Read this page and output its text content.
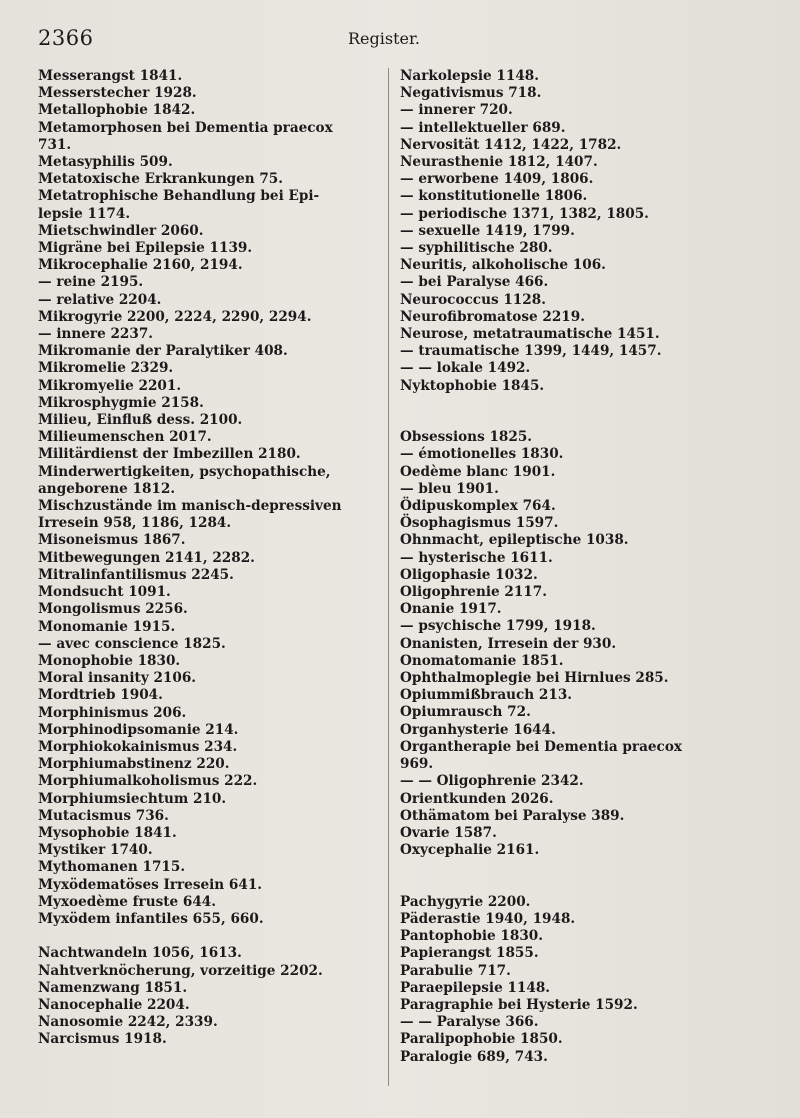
2366	Register.
Messerangst 1841.
Messerstecher 1928.
Metallophobie 1842.
Metamorphosen bei Dementia praecox
731.
Metasyphilis 509.
Metatoxische Erkrankungen 75.
Metatrophische Behandlung bei Epi-
lepsie 1174.
Mietschwindler 2060.
Migräne bei Epilepsie 1139.
Mikrocephalie 2160, 2194.
— reine 2195.
— relative 2204.
Mikrogyrie 2200, 2224, 2290, 2294.
— innere 2237.
Mikromanie der Paralytiker 408.
Mikromelie 2329.
Mikromyelie 2201.
Mikrosphygmie 2158.
Milieu, Einfluß dess. 2100.
Milieumenschen 2017.
Militärdienst der Imbezillen 2180.
Minderwertigkeiten, psychopathische,
angeborene 1812.
Mischzustände im manisch-depressiven
Irresein 958, 1186, 1284.
Misoneismus 1867.
Mitbewegungen 2141, 2282.
Mitralinfantilismus 2245.
Mondsucht 1091.
Mongolismus 2256.
Monomanie 1915.
— avec conscience 1825.
Monophobie 1830.
Moral insanity 2106.
Mordtrieb 1904.
Morphinismus 206.
Morphinodipsomanie 214.
Morphiokokainismus 234.
Morphiumabstinenz 220.
Morphiumalkoholismus 222.
Morphiumsiechtum 210.
Mutacismus 736.
Mysophobie 1841.
Mystiker 1740.
Mythomanen 1715.
Myxödematöses Irresein 641.
Myxoedème fruste 644.
Myxödem infantiles 655, 660.
Nachtwandeln 1056, 1613.
Nahtverknöcherung, vorzeitige 2202.
Namenzwang 1851.
Nanocephalie 2204.
Nanosomie 2242, 2339.
Narcismus 1918.
Narkolepsie 1148.
Negativismus 718.
— innerer 720.
— intellektueller 689.
Nervosität 1412, 1422, 1782.
Neurasthenie 1812, 1407.
— erworbene 1409, 1806.
— konstitutionelle 1806.
— periodische 1371, 1382, 1805.
— sexuelle 1419, 1799.
— syphilitische 280.
Neuritis, alkoholische 106.
— bei Paralyse 466.
Neurococcus 1128.
Neurofibromatose 2219.
Neurose, metatraumatische 1451.
— traumatische 1399, 1449, 1457.
— — lokale 1492.
Nyktophobie 1845.
Obsessions 1825.
— émotionelles 1830.
Oedème blanc 1901.
— bleu 1901.
Ödipuskomplex 764.
Ösophagismus 1597.
Ohnmacht, epileptische 1038.
— hysterische 1611.
Oligophasie 1032.
Oligophrenie 2117.
Onanie 1917.
— psychische 1799, 1918.
Onanisten, Irresein der 930.
Onomatomanie 1851.
Ophthalmoplegie bei Hirnlues 285.
Opiummißbrauch 213.
Opiumrausch 72.
Organhysterie 1644.
Organtherapie bei Dementia praecox
969.
— — Oligophrenie 2342.
Orientkunden 2026.
Othämatom bei Paralyse 389.
Ovarie 1587.
Oxycephalie 2161.
Pachygyrie 2200.
Päderastie 1940, 1948.
Pantophobie 1830.
Papierangst 1855.
Parabulie 717.
Paraepilepsie 1148.
Paragraphie bei Hysterie 1592.
— — Paralyse 366.
Paralipophobie 1850.
Paralogie 689, 743.
